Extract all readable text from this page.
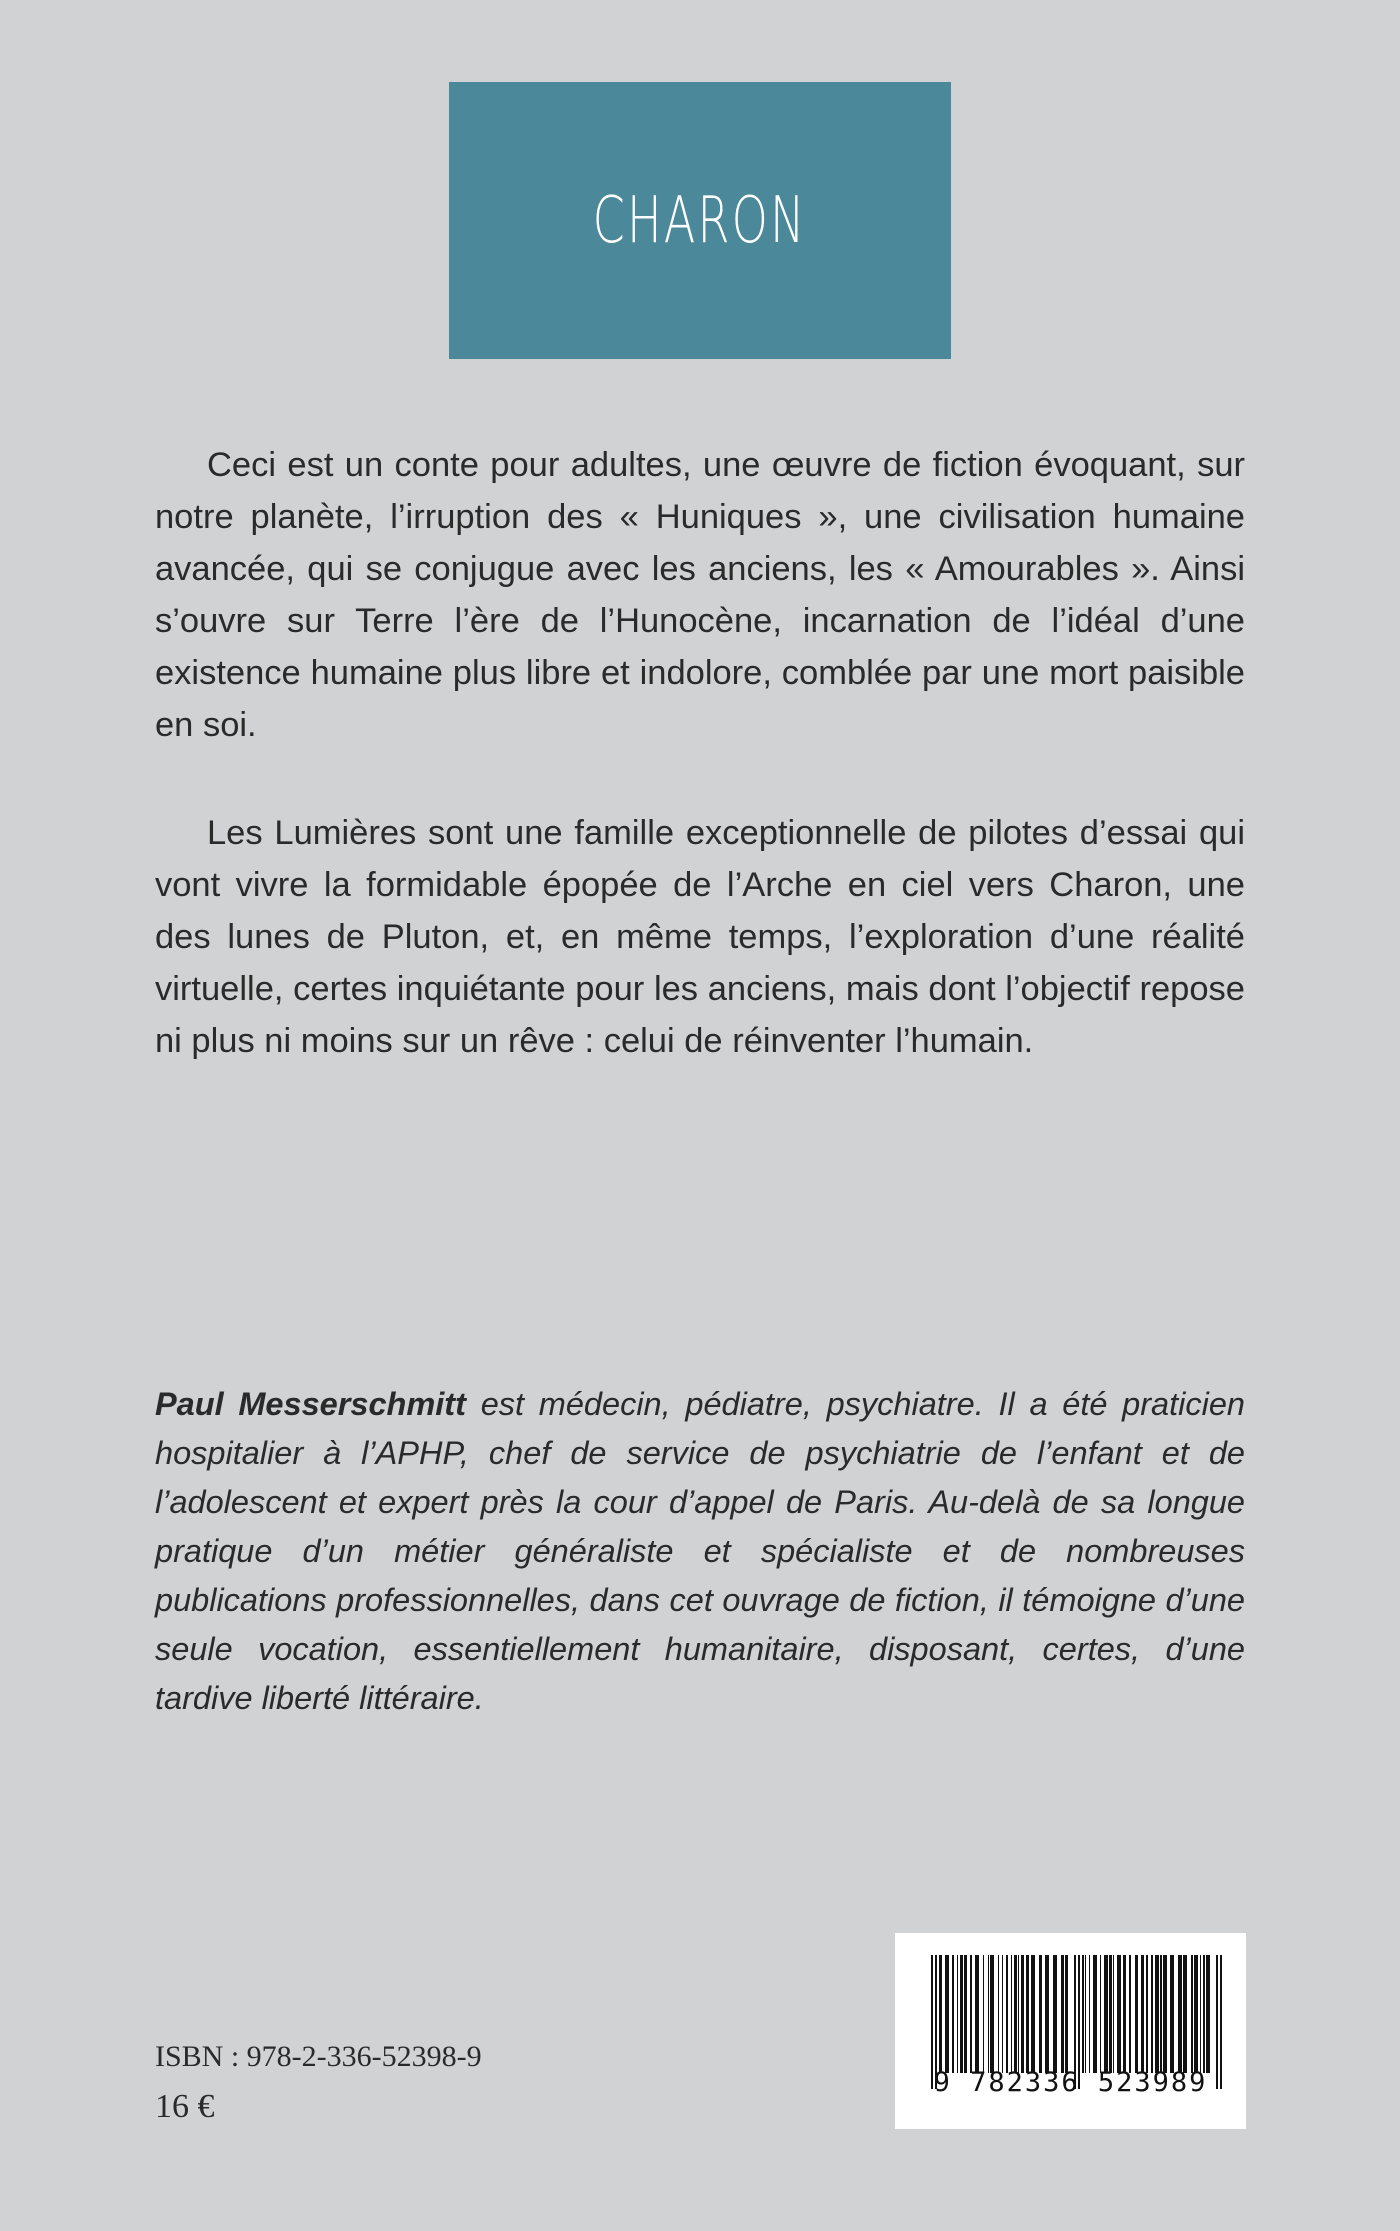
CHARON

Ceci est un conte pour adultes, une œuvre de fiction évoquant, sur notre planète, l’irruption des « Huniques », une civilisation humaine avancée, qui se conjugue avec les anciens, les « Amourables ». Ainsi s’ouvre sur Terre l’ère de l’Hunocène, incarnation de l’idéal d’une existence humaine plus libre et indolore, comblée par une mort paisible en soi.

Les Lumières sont une famille exceptionnelle de pilotes d’essai qui vont vivre la formidable épopée de l’Arche en ciel vers Charon, une des lunes de Pluton, et, en même temps, l’exploration d’une réalité virtuelle, certes inquiétante pour les anciens, mais dont l’objectif repose ni plus ni moins sur un rêve : celui de réinventer l’humain.

Paul Messerschmitt est médecin, pédiatre, psychiatre. Il a été praticien hospitalier à l’APHP, chef de service de psychiatrie de l’enfant et de l’adolescent et expert près la cour d’appel de Paris. Au-delà de sa longue pratique d’un métier généraliste et spécialiste et de nombreuses publications professionnelles, dans cet ouvrage de fiction, il témoigne d’une seule vocation, essentiellement humanitaire, disposant, certes, d’une tardive liberté littéraire.

ISBN : 978-2-336-52398-9
16 €
9 782336 523989
